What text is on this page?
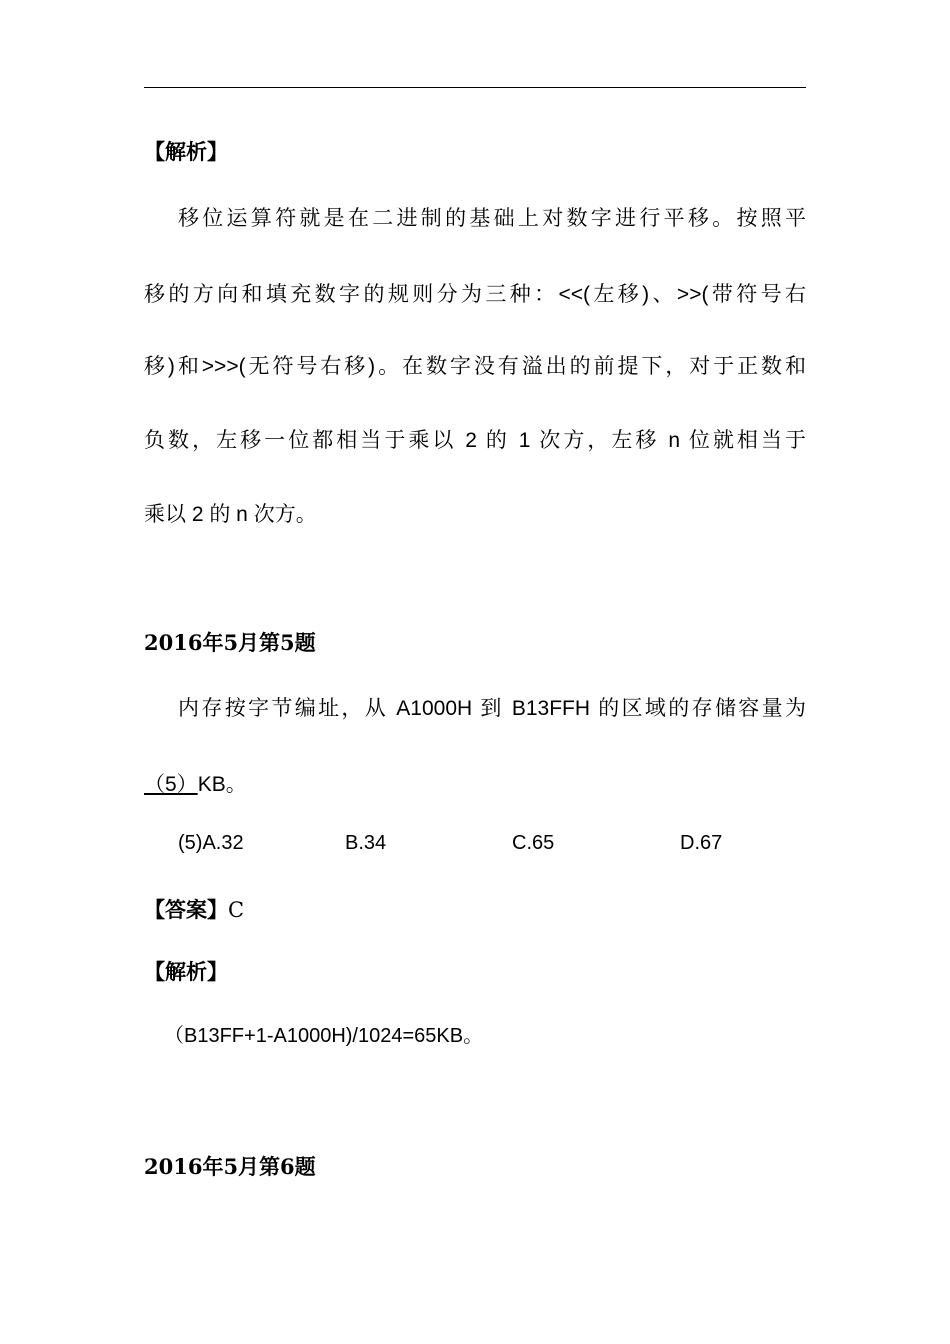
【解析】
移位运算符就是在二进制的基础上对数字进行平移。按照平
移的方向和填充数字的规则分为三种：<<(左移)、>>(带符号右
移)和>>>(无符号右移)。在数字没有溢出的前提下，对于正数和
负数，左移一位都相当于乘以 2 的 1 次方，左移 n 位就相当于
乘以 2 的 n 次方。
2016年5月第5题
内存按字节编址，从 A1000H 到 B13FFH 的区域的存储容量为
（5）KB。
(5)A.32	B.34	C.65	D.67
【答案】C
【解析】
（B13FF+1-A1000H)/1024=65KB。
2016年5月第6题
